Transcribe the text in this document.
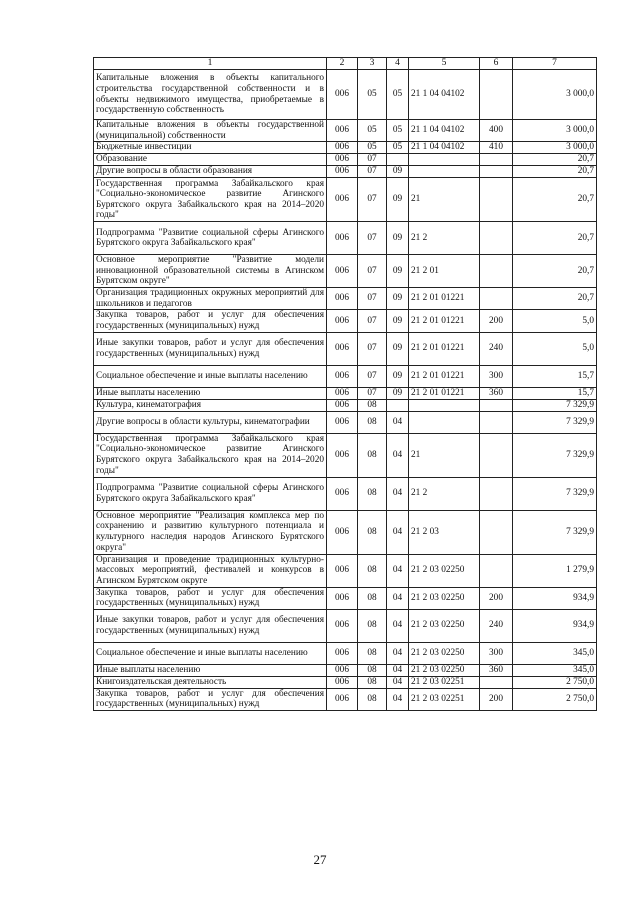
1	2	3	4	5	6	7
Капитальные вложения в объекты капитального строительства государственной собственности и в объекты недвижимого имущества, приобретаемые в государственную собственность	006	05	05	21 1 04 04102		3 000,0
Капитальные вложения в объекты государственной (муниципальной) собственности	006	05	05	21 1 04 04102	400	3 000,0
Бюджетные инвестиции	006	05	05	21 1 04 04102	410	3 000,0
Образование	006	07				20,7
Другие вопросы в области образования	006	07	09			20,7
Государственная программа Забайкальского края "Социально-экономическое развитие Агинского Бурятского округа Забайкальского края на 2014–2020 годы"	006	07	09	21		20,7
Подпрограмма "Развитие социальной сферы Агинского Бурятского округа Забайкальского края"	006	07	09	21 2		20,7
Основное мероприятие "Развитие модели инновационной образовательной системы в Агинском Бурятском округе"	006	07	09	21 2 01		20,7
Организация традиционных окружных мероприятий для школьников и педагогов	006	07	09	21 2 01 01221		20,7
Закупка товаров, работ и услуг для обеспечения государственных (муниципальных) нужд	006	07	09	21 2 01 01221	200	5,0
Иные закупки товаров, работ и услуг для обеспечения государственных (муниципальных) нужд	006	07	09	21 2 01 01221	240	5,0
Социальное обеспечение и иные выплаты населению	006	07	09	21 2 01 01221	300	15,7
Иные выплаты населению	006	07	09	21 2 01 01221	360	15,7
Культура, кинематография	006	08				7 329,9
Другие вопросы в области культуры, кинематографии	006	08	04			7 329,9
Государственная программа Забайкальского края "Социально-экономическое развитие Агинского Бурятского округа Забайкальского края на 2014–2020 годы"	006	08	04	21		7 329,9
Подпрограмма "Развитие социальной сферы Агинского Бурятского округа Забайкальского края"	006	08	04	21 2		7 329,9
Основное мероприятие "Реализация комплекса мер по сохранению и развитию культурного потенциала и культурного наследия народов Агинского Бурятского округа"	006	08	04	21 2 03		7 329,9
Организация и проведение традиционных культурно-массовых мероприятий, фестивалей и конкурсов в Агинском Бурятском округе	006	08	04	21 2 03 02250		1 279,9
Закупка товаров, работ и услуг для обеспечения государственных (муниципальных) нужд	006	08	04	21 2 03 02250	200	934,9
Иные закупки товаров, работ и услуг для обеспечения государственных (муниципальных) нужд	006	08	04	21 2 03 02250	240	934,9
Социальное обеспечение и иные выплаты населению	006	08	04	21 2 03 02250	300	345,0
Иные выплаты населению	006	08	04	21 2 03 02250	360	345,0
Книгоиздательская деятельность	006	08	04	21 2 03 02251		2 750,0
Закупка товаров, работ и услуг для обеспечения государственных (муниципальных) нужд	006	08	04	21 2 03 02251	200	2 750,0
27
